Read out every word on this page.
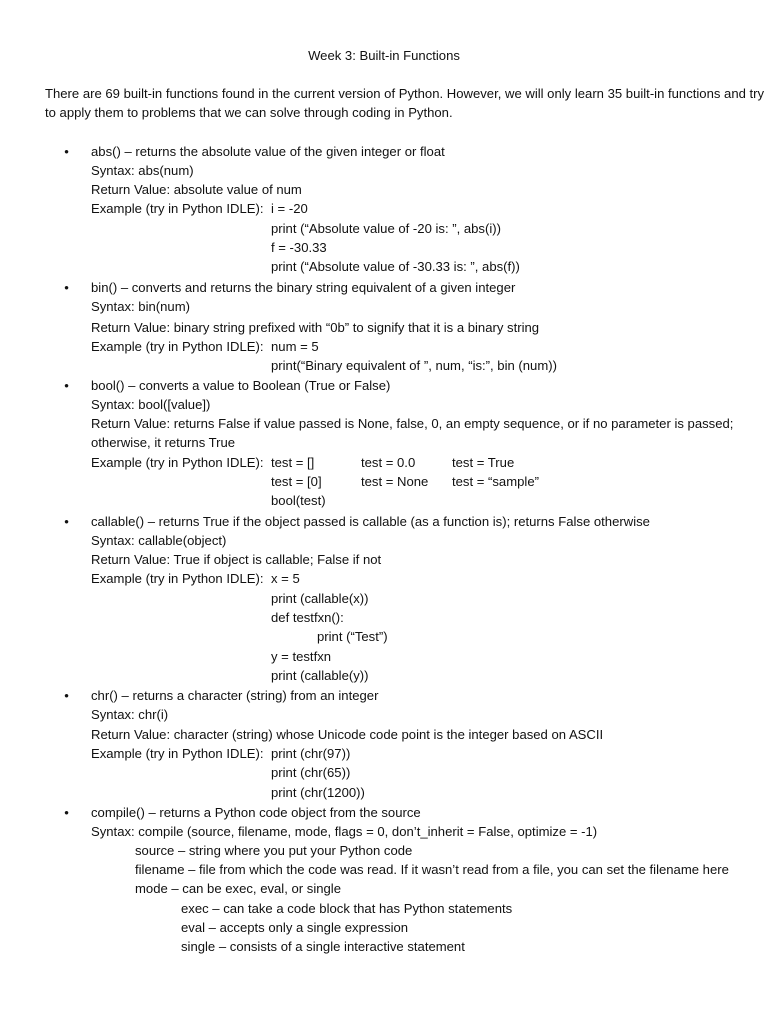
Week 3: Built-in Functions
There are 69 built-in functions found in the current version of Python. However, we will only learn 35 built-in functions and try
to apply them to problems that we can solve through coding in Python.
• abs() – returns the absolute value of the given integer or float
Syntax: abs(num)
Return Value: absolute value of num
Example (try in Python IDLE): i = -20
print (“Absolute value of -20 is: ”, abs(i))
f = -30.33
print (“Absolute value of -30.33 is: ”, abs(f))
• bin() – converts and returns the binary string equivalent of a given integer
Syntax: bin(num)
Return Value: binary string prefixed with “0b” to signify that it is a binary string
Example (try in Python IDLE): num = 5
print(“Binary equivalent of ”, num, “is:”, bin (num))
• bool() – converts a value to Boolean (True or False)
Syntax: bool([value])
Return Value: returns False if value passed is None, false, 0, an empty sequence, or if no parameter is passed;
otherwise, it returns True
Example (try in Python IDLE): test = []	test = 0.0	test = True
test = [0]	test = None test = “sample”
bool(test)
• callable() – returns True if the object passed is callable (as a function is); returns False otherwise
Syntax: callable(object)
Return Value: True if object is callable; False if not
Example (try in Python IDLE): x = 5
print (callable(x))
def testfxn():
print (“Test”)
y = testfxn
print (callable(y))
• chr() – returns a character (string) from an integer
Syntax: chr(i)
Return Value: character (string) whose Unicode code point is the integer based on ASCII
Example (try in Python IDLE): print (chr(97))
print (chr(65))
print (chr(1200))
• compile() – returns a Python code object from the source
Syntax: compile (source, filename, mode, flags = 0, don’t_inherit = False, optimize = -1)
source – string where you put your Python code
filename – file from which the code was read. If it wasn’t read from a file, you can set the filename here
mode – can be exec, eval, or single
exec – can take a code block that has Python statements
eval – accepts only a single expression
single – consists of a single interactive statement
